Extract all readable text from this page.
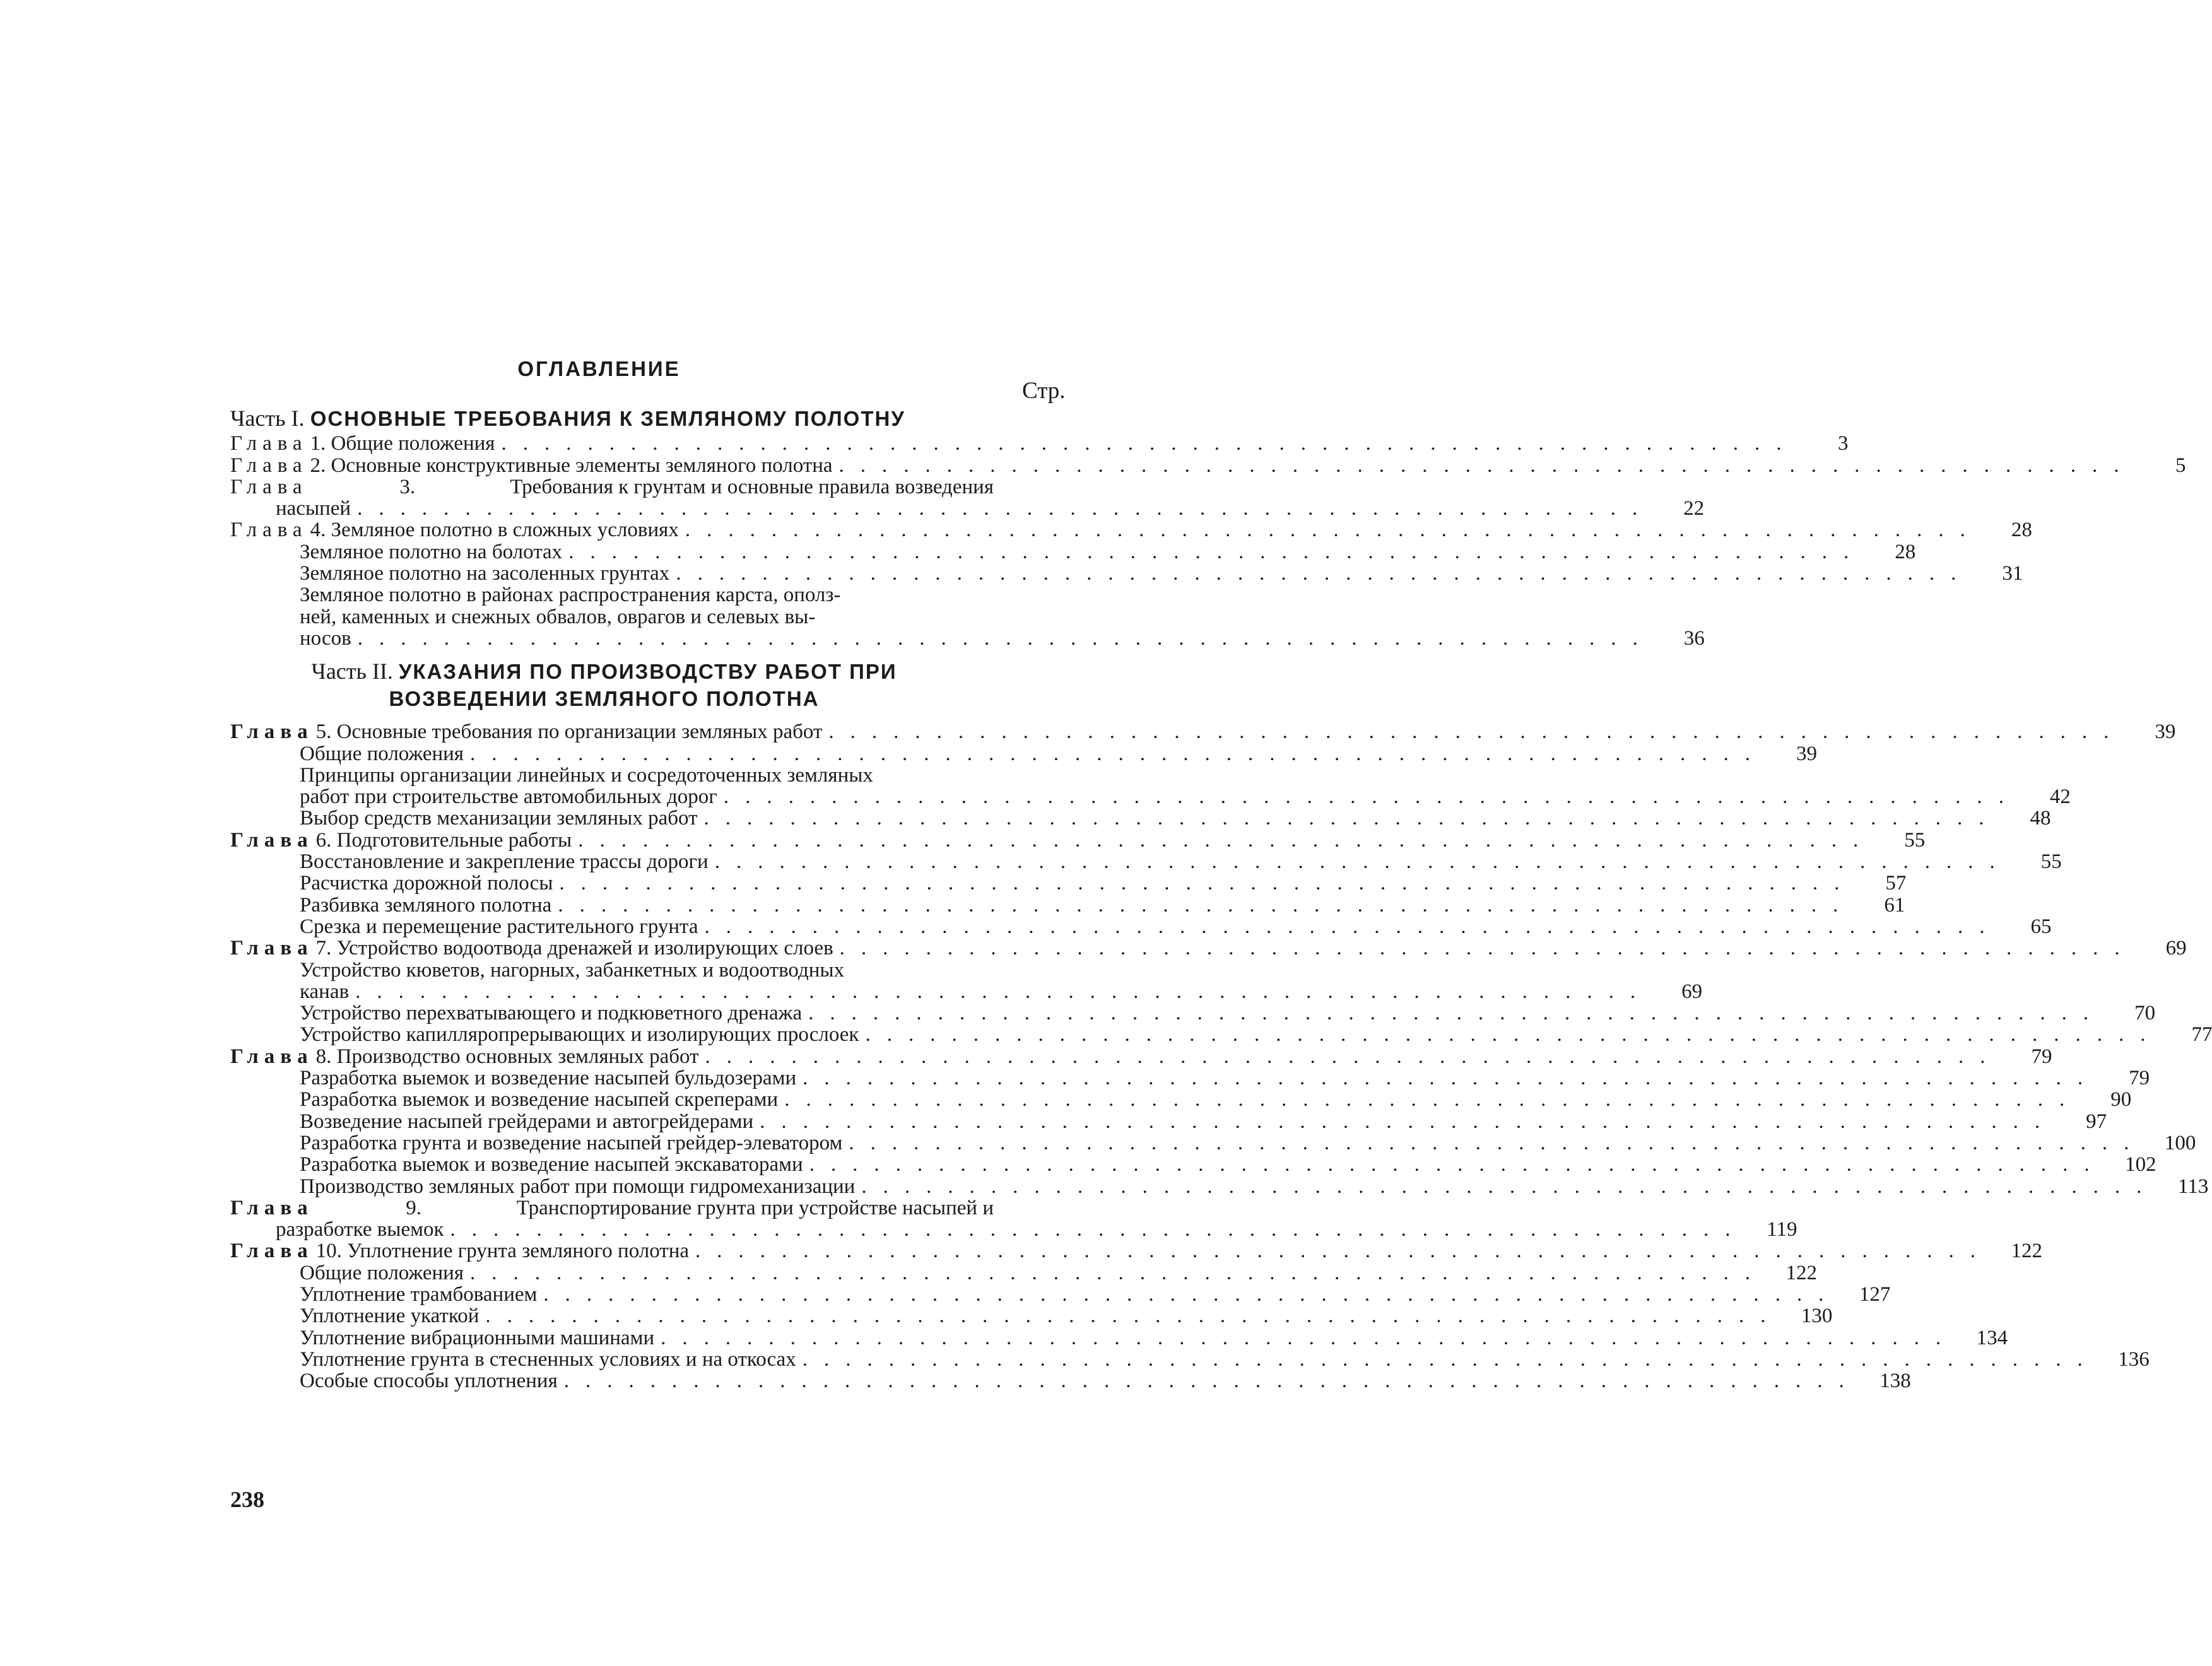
ОГЛАВЛЕНИЕ
Стр.
Часть I. ОСНОВНЫЕ ТРЕБОВАНИЯ К ЗЕМЛЯНОМУ ПОЛОТНУ
Глава 1. Общие положения ............................................................	3
Глава 2. Основные конструктивные элементы земляного полотна ............................................................	5
Глава	3.	Требования к грунтам и основные правила возведения
насыпей ............................................................	22
Глава 4. Земляное полотно в сложных условиях ............................................................	28
Земляное полотно на болотах ............................................................	28
Земляное полотно на засоленных грунтах ............................................................	31
Земляное полотно в районах распространения карста, ополз-
ней, каменных и снежных обвалов, оврагов и селевых вы-
носов ............................................................	36
Часть II. УКАЗАНИЯ ПО ПРОИЗВОДСТВУ РАБОТ ПРИ
ВОЗВЕДЕНИИ ЗЕМЛЯНОГО ПОЛОТНА
Глава 5. Основные требования по организации земляных работ ............................................................	39
Общие положения ............................................................	39
Принципы организации линейных и сосредоточенных земляных
работ при строительстве автомобильных дорог ............................................................	42
Выбор средств механизации земляных работ ............................................................	48
Глава 6. Подготовительные работы ............................................................	55
Восстановление и закрепление трассы дороги ............................................................	55
Расчистка дорожной полосы ............................................................	57
Разбивка земляного полотна ............................................................	61
Срезка и перемещение растительного грунта ............................................................	65
Глава 7. Устройство водоотвода дренажей и изолирующих слоев ............................................................	69
Устройство кюветов, нагорных, забанкетных и водоотводных
канав ............................................................	69
Устройство перехватывающего и подкюветного дренажа ............................................................	70
Устройство капилляропрерывающих и изолирующих прослоек ............................................................	77
Глава 8. Производство основных земляных работ ............................................................	79
Разработка выемок и возведение насыпей бульдозерами ............................................................	79
Разработка выемок и возведение насыпей скреперами ............................................................	90
Возведение насыпей грейдерами и автогрейдерами ............................................................	97
Разработка грунта и возведение насыпей грейдер-элеватором ............................................................ 100
Разработка выемок и возведение насыпей экскаваторами ............................................................ 102
Производство земляных работ при помощи гидромеханизации ............................................................ 113
Глава	9.	Транспортирование грунта при устройстве насыпей и
разработке выемок ............................................................ 119
Глава 10. Уплотнение грунта земляного полотна ............................................................ 122
Общие положения ............................................................ 122
Уплотнение трамбованием ............................................................ 127
Уплотнение укаткой ............................................................ 130
Уплотнение вибрационными машинами ............................................................ 134
Уплотнение грунта в стесненных условиях и на откосах ............................................................ 136
Особые способы уплотнения ............................................................ 138
238
